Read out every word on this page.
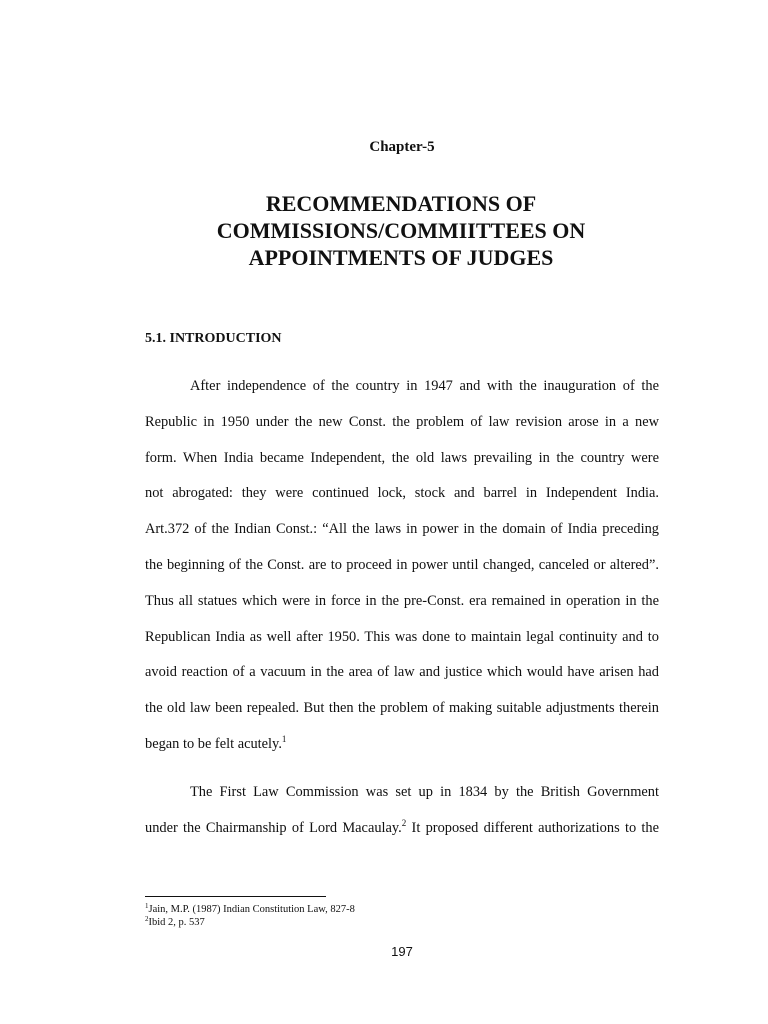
Chapter-5
RECOMMENDATIONS OF
COMMISSIONS/COMMIITTEES ON
APPOINTMENTS OF JUDGES
5.1. INTRODUCTION
After independence of the country in 1947 and with the inauguration of the
Republic in 1950 under the new Const. the problem of law revision arose in a new
form. When India became Independent, the old laws prevailing in the country were
not abrogated: they were continued lock, stock and barrel in Independent India.
Art.372 of the Indian Const.: “All the laws in power in the domain of India preceding
the beginning of the Const. are to proceed in power until changed, canceled or altered”.
Thus all statues which were in force in the pre-Const. era remained in operation in the
Republican India as well after 1950. This was done to maintain legal continuity and to
avoid reaction of a vacuum in the area of law and justice which would have arisen had
the old law been repealed. But then the problem of making suitable adjustments therein
began to be felt acutely.$^1$
The First Law Commission was set up in 1834 by the British Government
under the Chairmanship of Lord Macaulay.$^2$ It proposed different authorizations to the
$^1$Jain, M.P. (1987) Indian Constitution Law, 827-8
$^2$Ibid 2, p. 537
197
